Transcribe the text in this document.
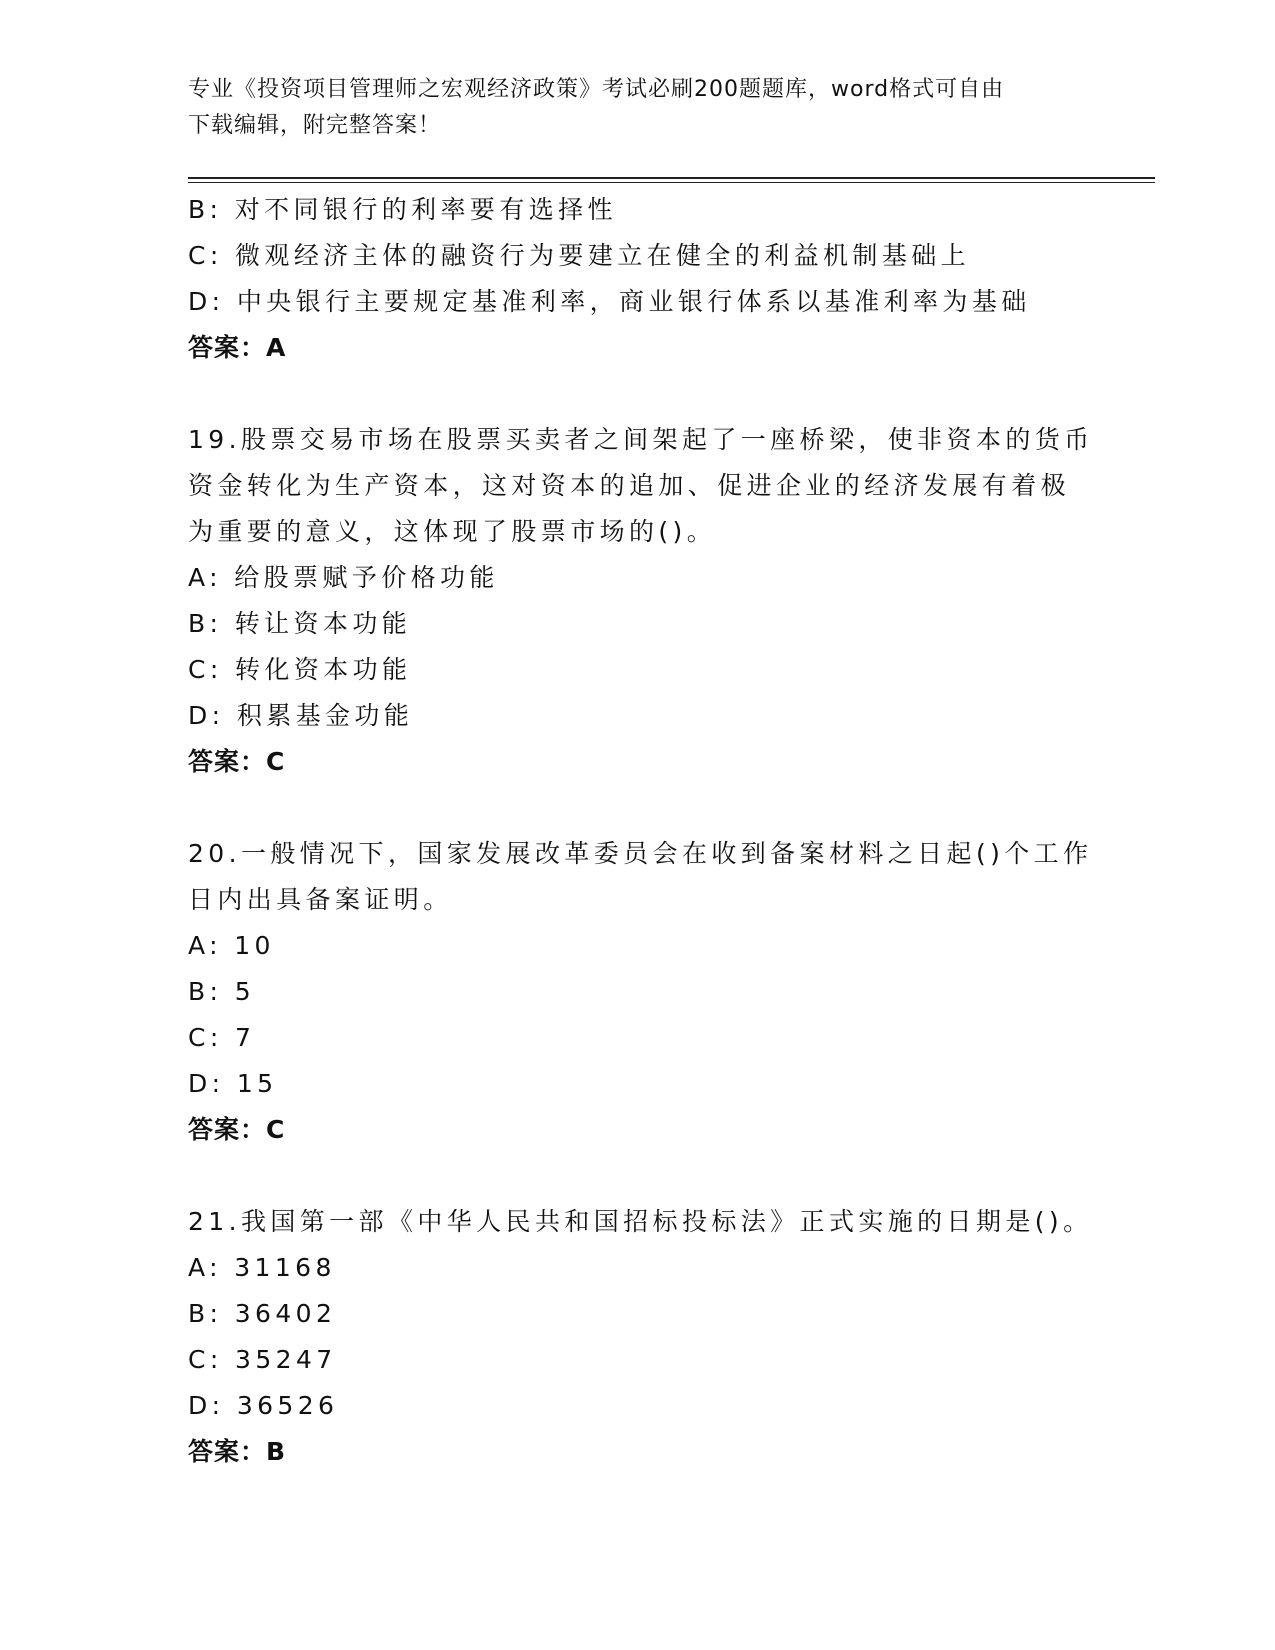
专业《投资项目管理师之宏观经济政策》考试必刷200题题库，word格式可自由
下载编辑，附完整答案！
B: 对不同银行的利率要有选择性
C: 微观经济主体的融资行为要建立在健全的利益机制基础上
D: 中央银行主要规定基准利率，商业银行体系以基准利率为基础
答案：A
19.股票交易市场在股票买卖者之间架起了一座桥梁，使非资本的货币
资金转化为生产资本，这对资本的追加、促进企业的经济发展有着极
为重要的意义，这体现了股票市场的()。
A: 给股票赋予价格功能
B: 转让资本功能
C: 转化资本功能
D: 积累基金功能
答案：C
20.一般情况下，国家发展改革委员会在收到备案材料之日起()个工作
日内出具备案证明。
A: 10
B: 5
C: 7
D: 15
答案：C
21.我国第一部《中华人民共和国招标投标法》正式实施的日期是()。
A: 31168
B: 36402
C: 35247
D: 36526
答案：B
